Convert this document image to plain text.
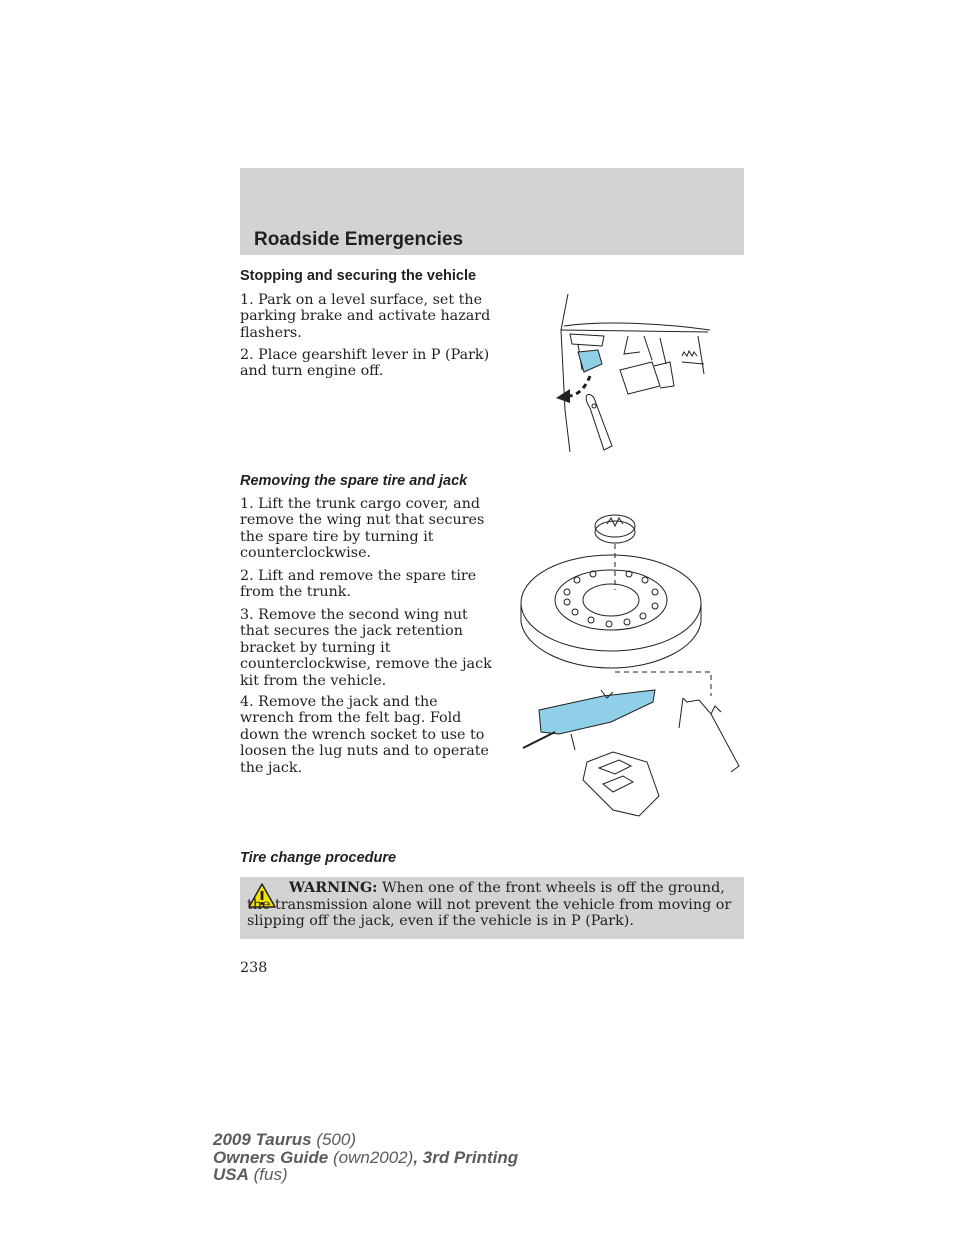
Roadside Emergencies
Stopping and securing the vehicle

1. Park on a level surface, set the parking brake and activate hazard flashers.

2. Place gearshift lever in P (Park) and turn engine off.

Removing the spare tire and jack

1. Lift the trunk cargo cover, and remove the wing nut that secures the spare tire by turning it counterclockwise.

2. Lift and remove the spare tire from the trunk.

3. Remove the second wing nut that secures the jack retention bracket by turning it counterclockwise, remove the jack kit from the vehicle.

4. Remove the jack and the wrench from the felt bag. Fold down the wrench socket to use to loosen the lug nuts and to operate the jack.

Tire change procedure

WARNING: When one of the front wheels is off the ground, the transmission alone will not prevent the vehicle from moving or slipping off the jack, even if the vehicle is in P (Park).

238
2009 Taurus (500)
Owners Guide (own2002), 3rd Printing
USA (fus)
